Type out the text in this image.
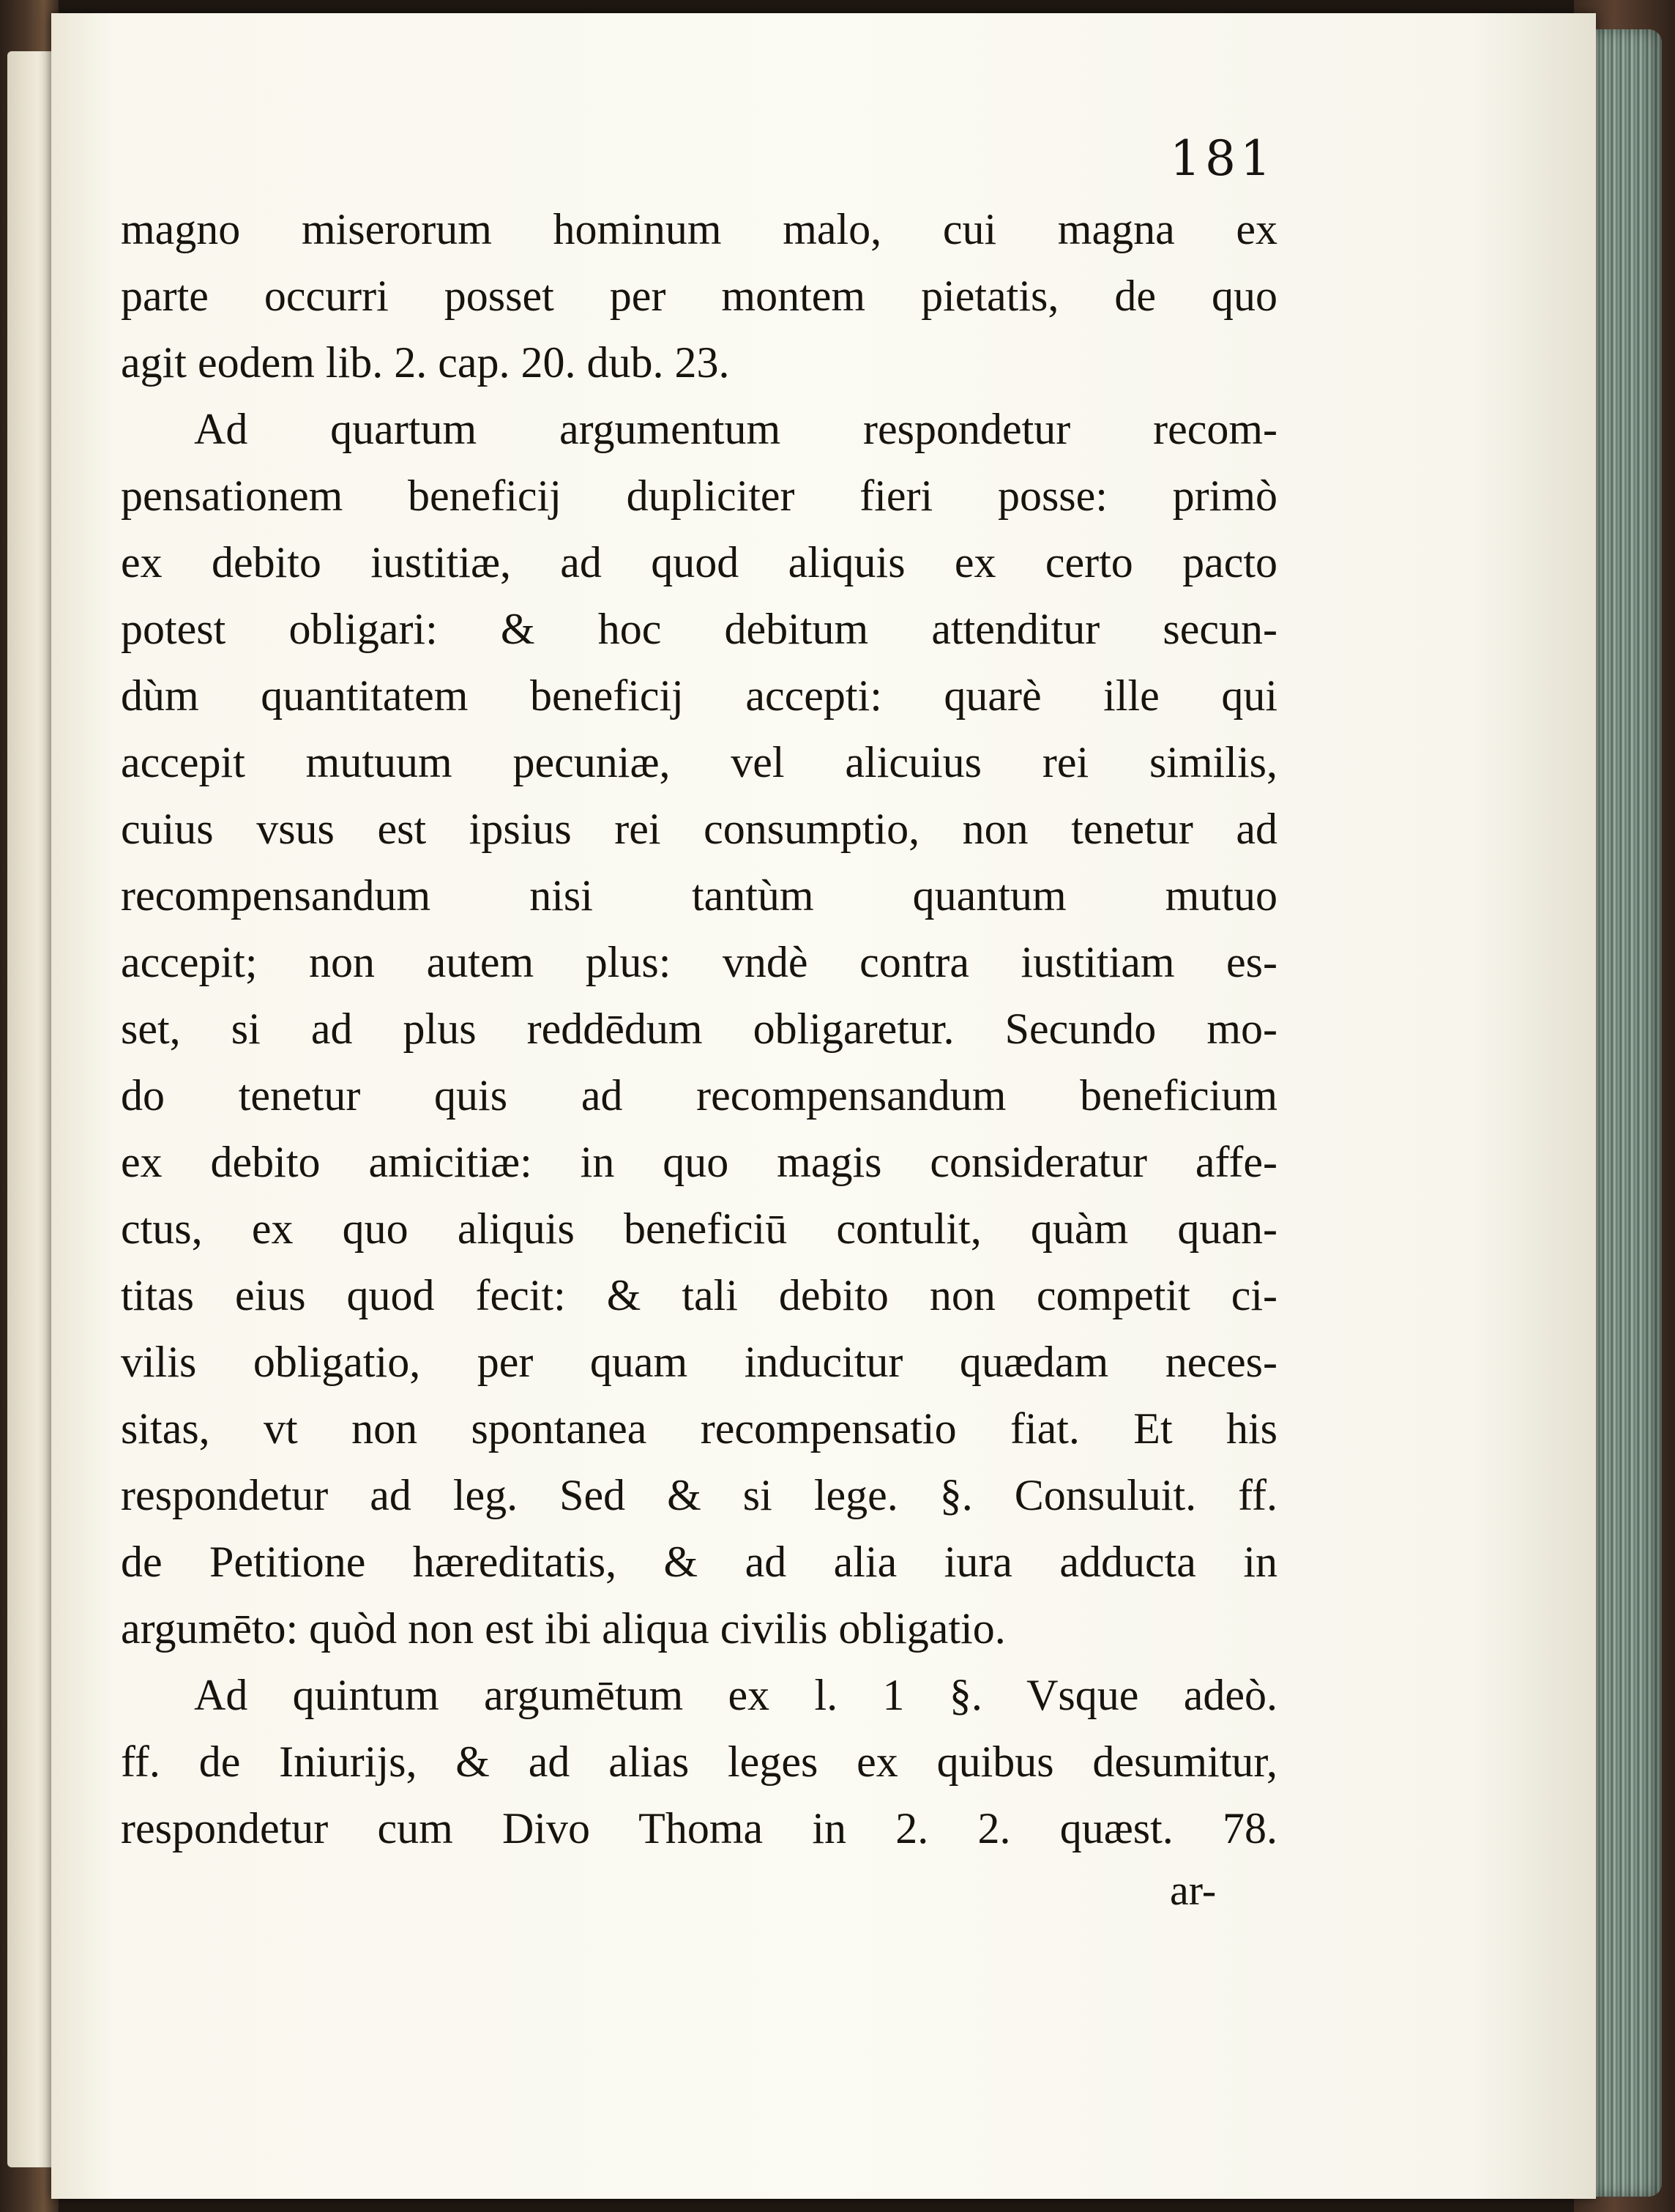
181
magno miserorum hominum malo, cui magna ex
parte occurri posset per montem pietatis, de quo
agit eodem lib. 2. cap. 20. dub. 23.
Ad quartum argumentum respondetur recom-
pensationem beneficij dupliciter fieri posse: primò
ex debito iustitiæ, ad quod aliquis ex certo pacto
potest obligari: & hoc debitum attenditur secun-
dùm quantitatem beneficij accepti: quarè ille qui
accepit mutuum pecuniæ, vel alicuius rei similis,
cuius vsus est ipsius rei consumptio, non tenetur ad
recompensandum nisi tantùm quantum mutuo
accepit; non autem plus: vndè contra iustitiam es-
set, si ad plus reddēdum obligaretur. Secundo mo-
do tenetur quis ad recompensandum beneficium
ex debito amicitiæ: in quo magis consideratur affe-
ctus, ex quo aliquis beneficiū contulit, quàm quan-
titas eius quod fecit: & tali debito non competit ci-
vilis obligatio, per quam inducitur quædam neces-
sitas, vt non spontanea recompensatio fiat. Et his
respondetur ad leg. Sed & si lege. §. Consuluit. ff.
de Petitione hæreditatis, & ad alia iura adducta in
argumēto: quòd non est ibi aliqua civilis obligatio.
Ad quintum argumētum ex l. 1 §. Vsque adeò.
ff. de Iniurijs, & ad alias leges ex quibus desumitur,
respondetur cum Divo Thoma in 2. 2. quæst. 78.
ar-
